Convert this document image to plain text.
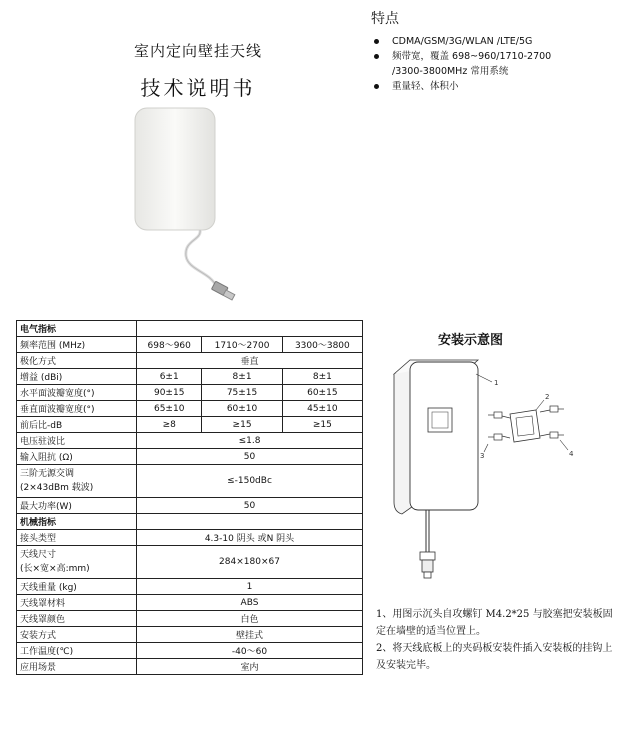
室内定向壁挂天线
技术说明书
特点
CDMA/GSM/3G/WLAN /LTE/5G
频带宽，覆盖 698~960/1710-2700
/3300-3800MHz 常用系统
重量轻、体积小
电气指标			
频率范围 (MHz)	698～960	1710～2700	3300～3800
极化方式	垂直		
增益 (dBi)	6±1	8±1	8±1
水平面波瓣宽度(°)	90±15	75±15	60±15
垂直面波瓣宽度(°)	65±10	60±10	45±10
前后比-dB	≥8	≥15	≥15
电压驻波比	≤1.8		
输入阻抗 (Ω)	50		

三阶无源交调
(2×43dBm 载波)	≤-150dBc		
最大功率(W)	50		
机械指标			
接头类型	4.3-10 阴头 或N 阴头		

天线尺寸
(长×宽×高:mm)	284×180×67		
天线重量 (kg)	1		
天线罩材料	ABS		
天线罩颜色	白色		
安装方式	壁挂式		
工作温度(℃)	-40～60		
应用场景	室内		
安装示意图
1
2
3	4
1、用图示沉头自攻螺钉 M4.2*25 与胶塞把安装板固定在墙壁的适当位置上。
2、将天线底板上的夹码板安装件插入安装板的挂钩上及安装完毕。
